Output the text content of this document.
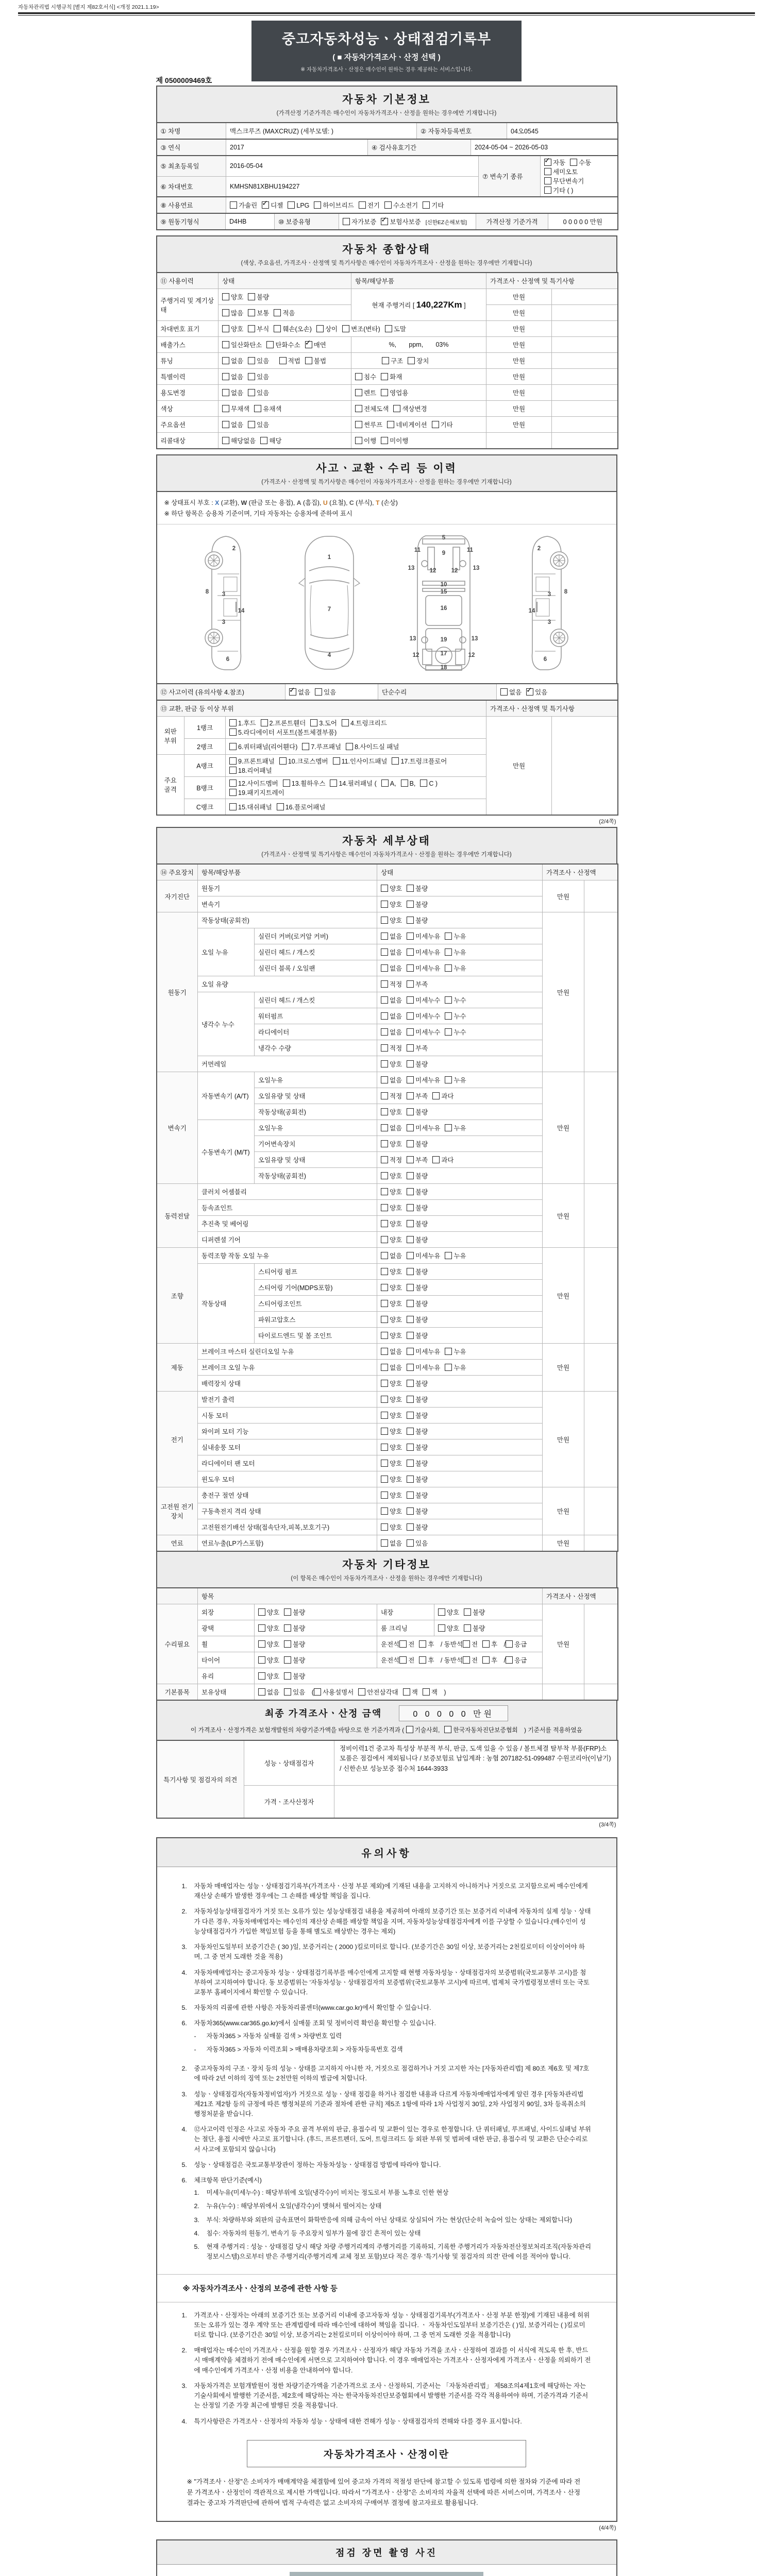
자동차관리법 시행규칙 [별지 제82호서식] <개정 2021.1.19>
제 0500009469호
중고자동차성능ㆍ상태점검기록부
( ■ 자동차가격조사ㆍ산정 선택 )
※ 자동차가격조사ㆍ산정은 매수인이 원하는 경우 제공하는 서비스입니다.
자동차 기본정보
(가격산정 기준가격은 매수인이 자동차가격조사ㆍ산정을 원하는 경우에만 기재합니다)
① 차명	맥스크루즈 (MAXCRUZ) (세부모델: )	② 자동차등록번호	04오0545
③ 연식	2017	④ 검사유효기간	2024-05-04 ~ 2026-05-03
⑤ 최초등록일	2016-05-04	⑦ 변속기 종류	✓자동 수동세미오토무단변속기기타 ( )
⑥ 차대번호	KMHSN81XBHU194227		
⑧ 사용연료	가솔린 ✓ 디젤 LPG 하이브리드 전기 수소전기 기타
⑨ 원동기형식	D4HB	⑩ 보증유형	자가보증 ✓ 보험사보증 [신한EZ손해보험]	가격산정 기준가격	0 0 0 0 0 만원
자동차 종합상태
(색상, 주요옵션, 가격조사ㆍ산정액 및 특기사항은 매수인이 자동차가격조사ㆍ산정을 원하는 경우에만 기재합니다)
⑪ 사용이력	상태	항목/해당부품	가격조사ㆍ산정액 및 특기사항	
주행거리 및 계기상태	양호 불량	현재 주행거리 [ 140,227Km ]	만원	
	많음 보통 적음		만원	
차대번호 표기	양호 부식 훼손(오손) 상이 변조(변타) 도말		만원	
배출가스	일산화탄소 탄화수소 ✓ 매연	%,       ppm,       03%	만원	
튜닝	없음 있음 적법 불법	구조 장치	만원	
특별이력	없음 있음	침수 화재	만원	
용도변경	없음 있음	렌트 영업용	만원	
색상	무채색 유채색	전체도색 색상변경	만원	
주요옵션	없음 있음	썬루프 네비게이션 기타	만원	
리콜대상	해당없음 해당	이행 미이행		
사고ㆍ교환ㆍ수리 등 이력
(가격조사ㆍ산정액 및 특기사항은 매수인이 자동차가격조사ㆍ산정을 원하는 경우에만 기재합니다)
※ 상태표시 부호 : X (교환), W (판금 또는 용접), A (흠집), U (요철), C (부식), T (손상)
※ 하단 항목은 승용차 기준이며, 기타 자동차는 승용차에 준하여 표시
2
8 3
14
3
6
1
7
4
5
11	9	11
13	12	12	13
10
15
16
13	19	13
12	17	12
18
2
8
3
14
3
6
⑫ 사고이력 (유의사항 4.참조)	✓없음 있음	단순수리	없음 ✓ 있음
⑬ 교환, 판금 등 이상 부위			가격조사ㆍ산정액 및 특기사항	
외판 부위	1랭크	1.후드 2.프론트휀더 3.도어 4.트렁크리드5.라디에이터 서포트(볼트체결부품)	만원	
	2랭크	6.쿼터패널(리어휀다) 7.루프패널 8.사이드실 패널		
주요 골격	A랭크	9.프론트패널 10.크로스멤버 11.인사이드패널 17.트렁크플로어18.리어패널		
	B랭크	12.사이드멤버 13.휠하우스 14.필러패널 ( A, B, C )19.패키지트레이		
	C랭크	15.대쉬패널 16.플로어패널		
(2/4쪽)
자동차 세부상태
(가격조사ㆍ산정액 및 특기사항은 매수인이 자동차가격조사ㆍ산정을 원하는 경우에만 기재합니다)
⑭ 주요장치	항목/해당부품		상태	가격조사ㆍ산정액	
자기진단	원동기		양호 불량	만원	
	변속기		양호 불량		
원동기	작동상태(공회전)		양호 불량	만원	
	오일 누유	실린더 커버(로커암 커버)	없음 미세누유 누유		
		실린더 헤드 / 개스킷	없음 미세누유 누유		
		실린더 블록 / 오일팬	없음 미세누유 누유		
	오일 유량		적정 부족		
	냉각수 누수	실린더 헤드 / 개스킷	없음 미세누수 누수		
		워터펌프	없음 미세누수 누수		
		라디에이터	없음 미세누수 누수		
		냉각수 수량	적정 부족		
	커먼레일		양호 불량		
변속기	자동변속기 (A/T)	오일누유	없음 미세누유 누유	만원	
		오일유량 및 상태	적정 부족 과다		
		작동상태(공회전)	양호 불량		
	수동변속기 (M/T)	오일누유	없음 미세누유 누유		
		기어변속장치	양호 불량		
		오일유량 및 상태	적정 부족 과다		
		작동상태(공회전)	양호 불량		
동력전달	클러치 어셈블리		양호 불량	만원	
	등속죠인트		양호 불량		
	추진축 및 베어링		양호 불량		
	디퍼렌셜 기어		양호 불량		
조향	동력조향 작동 오일 누유		없음 미세누유 누유	만원	
	작동상태	스티어링 펌프	양호 불량		
		스티어링 기어(MDPS포함)	양호 불량		
		스티어링조인트	양호 불량		
		파워고압호스	양호 불량		
		타이로드엔드 및 볼 조인트	양호 불량		
제동	브레이크 마스터 실린더오일 누유		없음 미세누유 누유	만원	
	브레이크 오일 누유		없음 미세누유 누유		
	배력장치 상태		양호 불량		
전기	발전기 출력		양호 불량	만원	
	시동 모터		양호 불량		
	와이퍼 모터 기능		양호 불량		
	실내송풍 모터		양호 불량		
	라디에이터 팬 모터		양호 불량		
	윈도우 모터		양호 불량		
고전원 전기장치	충전구 절연 상태		양호 불량	만원	
	구동축전지 격리 상태		양호 불량		
	고전원전기배선 상태(접속단자,피복,보호기구)		양호 불량		
연료	연료누출(LP가스포함)		없음 있음	만원	
자동차 기타정보
(이 항목은 매수인이 자동차가격조사ㆍ산정을 원하는 경우에만 기재합니다)
	항목				가격조사ㆍ산정액	
수리필요	외장	양호 불량	내장	양호 불량	만원	
	광택	양호 불량	룸 크리닝	양호 불량		
	휠	양호 불량	운전석 전 후 / 동반석 전 후 / 응급			
	타이어	양호 불량	운전석 전 후 / 동반석 전 후 / 응급			
	유리	양호 불량				
기본품목	보유상태	없음 있음 ( 사용설명서 안전삼각대 잭 잭 )				
최종 가격조사ㆍ산정 금액	0 0 0 0 0 만원
이 가격조사ㆍ산정가격은 보험개발원의 차량기준가액을 바탕으로 한 기준가격과 ( 기술사회, 한국자동차진단보증협회 ) 기준서를 적용하였음
특기사항 및 점검자의 의견	성능ㆍ상태점검자	정비이력1건 중고차 특성상 부분적 부식, 판금, 도색 있을 수 있음 / 볼트체결 탈부착 부품(FRP)소모품은 점검에서 제외됩니다 / 보증보험료 납입계좌 : 농협 207182-51-099487 수원코리아(이남기) / 신한손보 성능보증 접수처 1644-3933
	가격ㆍ조사산정자	
(3/4쪽)
유의사항
1.	자동차 매매업자는 성능ㆍ상태점검기록부(가격조사ㆍ산정 부분 제외)에 기재된 내용을 고지하지 아니하거나 거짓으로 고지함으로써 매수인에게 재산상 손해가 발생한 경우에는 그 손해를 배상할 책임을 집니다.
2.	자동차성능상태점검자가 거짓 또는 오류가 있는 성능상태점검 내용을 제공하여 아래의 보증기간 또는 보증거리 이내에 자동차의 실제 성능ㆍ상태가 다른 경우, 자동차매매업자는 매수인의 재산상 손해를 배상할 책임을 지며, 자동차성능상태점검자에게 이를 구상할 수 있습니다.(매수인이 성능상태점검자가 가입한 책임보험 등을 통해 별도로 배상받는 경우는 제외)
3.	자동차인도일부터 보증기간은 ( 30 )일, 보증거리는 ( 2000 )킬로미터로 합니다. (보증기간은 30일 이상, 보증거리는 2천킬로미터 이상이어야 하며, 그 중 먼저 도래한 것을 적용)
4.	자동차매매업자는 중고자동차 성능ㆍ상태점검기록부를 매수인에게 고지할 때 현행 자동차성능ㆍ상태점검자의 보증범위(국토교통부 고시)를 첨부하여 고지하여야 합니다. 동 보증범위는 '자동차성능ㆍ상태점검자의 보증범위'(국토교통부 고시)에 따르며, 법제처 국가법령정보센터 또는 국토교통부 홈페이지에서 확인할 수 있습니다.
5.	자동차의 리콜에 관한 사항은 자동차리콜센터(www.car.go.kr)에서 확인할 수 있습니다.
6.	자동차365(www.car365.go.kr)에서 실매물 조회 및 정비이력 확인을 확인할 수 있습니다.
-	자동차365 > 자동차 실매물 검색 > 차량번호 입력
-	자동차365 > 자동차 이력조회 > 매매용차량조회 > 자동차등록번호 검색
2.	중고자동차의 구조ㆍ장치 등의 성능ㆍ상태를 고지하지 아니한 자, 거짓으로 점검하거나 거짓 고지한 자는 [자동차관리법] 제 80조 제6호 및 제7호에 따라 2년 이하의 징역 또는 2천만원 이하의 벌금에 처합니다.
3.	성능ㆍ상태점검자(자동차정비업자)가 거짓으로 성능ㆍ상태 점검을 하거나 점검한 내용과 다르게 자동차매매업자에게 알린 경우 [자동차관리법 제21조 제2항 등의 규정에 따른 행정처분의 기준과 절차에 관한 규칙] 제5조 1항에 따라 1차 사업정지 30일, 2차 사업정지 90일, 3차 등록취소의 행정처분을 받습니다.
4.	⑫사고이력 인정은 사고로 자동차 주요 골격 부위의 판금, 용접수리 및 교환이 있는 경우로 한정합니다. 단 쿼터패널, 루프패널, 사이드실패널 부위는 절단, 용접 시에만 사고로 표기합니다. (후드, 프론트펜더, 도어, 트렁크리드 등 외판 부위 및 범퍼에 대한 판금, 용접수리 및 교환은 단순수리로서 사고에 포함되지 않습니다)
5.	성능ㆍ상태점검은 국토교통부장관이 정하는 자동차성능ㆍ상태점검 방법에 따라야 합니다.
6.	체크항목 판단기준(예시)
1.	미세누유(미세누수) : 해당부위에 오일(냉각수)이 비치는 정도로서 부품 노후로 인한 현상
2.	누유(누수) : 해당부위에서 오일(냉각수)이 맺혀서 떨어지는 상태
3.	부식: 차량하부와 외판의 금속표면이 화학반응에 의해 금속이 아닌 상태로 상실되어 가는 현상(단순히 녹슬어 있는 상태는 제외합니다)
4.	침수: 자동차의 원동기, 변속기 등 주요장치 일부가 물에 잠긴 흔적이 있는 상태
5.	현재 주행거리 : 성능ㆍ상태점검 당시 해당 차량 주행거리계의 주행거리를 기록하되, 기록한 주행거리가 자동차전산정보처리조직(자동차관리정보시스템)으로부터 받은 주행거리(주행거리계 교체 정보 포함)보다 적은 경우 '특기사항 및 점검자의 의견' 란에 이를 적어야 합니다.
※ 자동차가격조사ㆍ산정의 보증에 관한 사항 등
1.	가격조사ㆍ산정자는 아래의 보증기간 또는 보증거리 이내에 중고자동차 성능ㆍ상태점검기록부(가격조사ㆍ산정 부분 한정)에 기재된 내용에 허위 또는 오류가 있는 경우 계약 또는 관계법령에 따라 매수인에 대하여 책임을 집니다. ㆍ 자동차인도일부터 보증기간은 ( )일, 보증거리는 ( )킬로미터로 합니다. (보증기간은 30일 이상, 보증거리는 2천킬로미터 이상이어야 하며, 그 중 먼저 도래한 것을 적용합니다)
2.	매매업자는 매수인이 가격조사ㆍ산정을 원할 경우 가격조사ㆍ산정자가 해당 자동차 가격을 조사ㆍ산정하여 결과를 이 서식에 적도록 한 후, 반드시 매매계약을 체결하기 전에 매수인에게 서면으로 고지하여야 합니다. 이 경우 매매업자는 가격조사ㆍ산정자에게 가격조사ㆍ산정을 의뢰하기 전에 매수인에게 가격조사ㆍ산정 비용을 안내하여야 합니다.
3.	자동차가격은 보험개발원이 정한 차량기준가액을 기준가격으로 조사ㆍ산정하되, 기준서는 「자동차관리법」 제58조의4제1호에 해당하는 자는 기술사회에서 발행한 기준서를, 제2호에 해당하는 자는 한국자동차진단보증협회에서 발행한 기준서를 각각 적용하여야 하며, 기준가격과 기준서는 산정일 기준 가장 최근에 발행된 것을 적용합니다.
4.	특기사항란은 가격조사ㆍ산정자의 자동차 성능ㆍ상태에 대한 견해가 성능ㆍ상태점검자의 견해와 다를 경우 표시합니다.
자동차가격조사ㆍ산정이란
※ "가격조사ㆍ산정"은 소비자가 매매계약을 체결함에 있어 중고차 가격의 적절성 판단에 참고할 수 있도록 법령에 의한 절차와 기준에 따라 전문 가격조사ㆍ산정인이 객관적으로 제시한 가액입니다. 따라서 "가격조사ㆍ산정"은 소비자의 자율적 선택에 따른 서비스이며, 가격조사ㆍ산정 결과는 중고차 가격판단에 관하여 법적 구속력은 없고 소비자의 구매여부 결정에 참고자료로 활용됩니다.
(4/4쪽)
점검 장면 촬영 사진
